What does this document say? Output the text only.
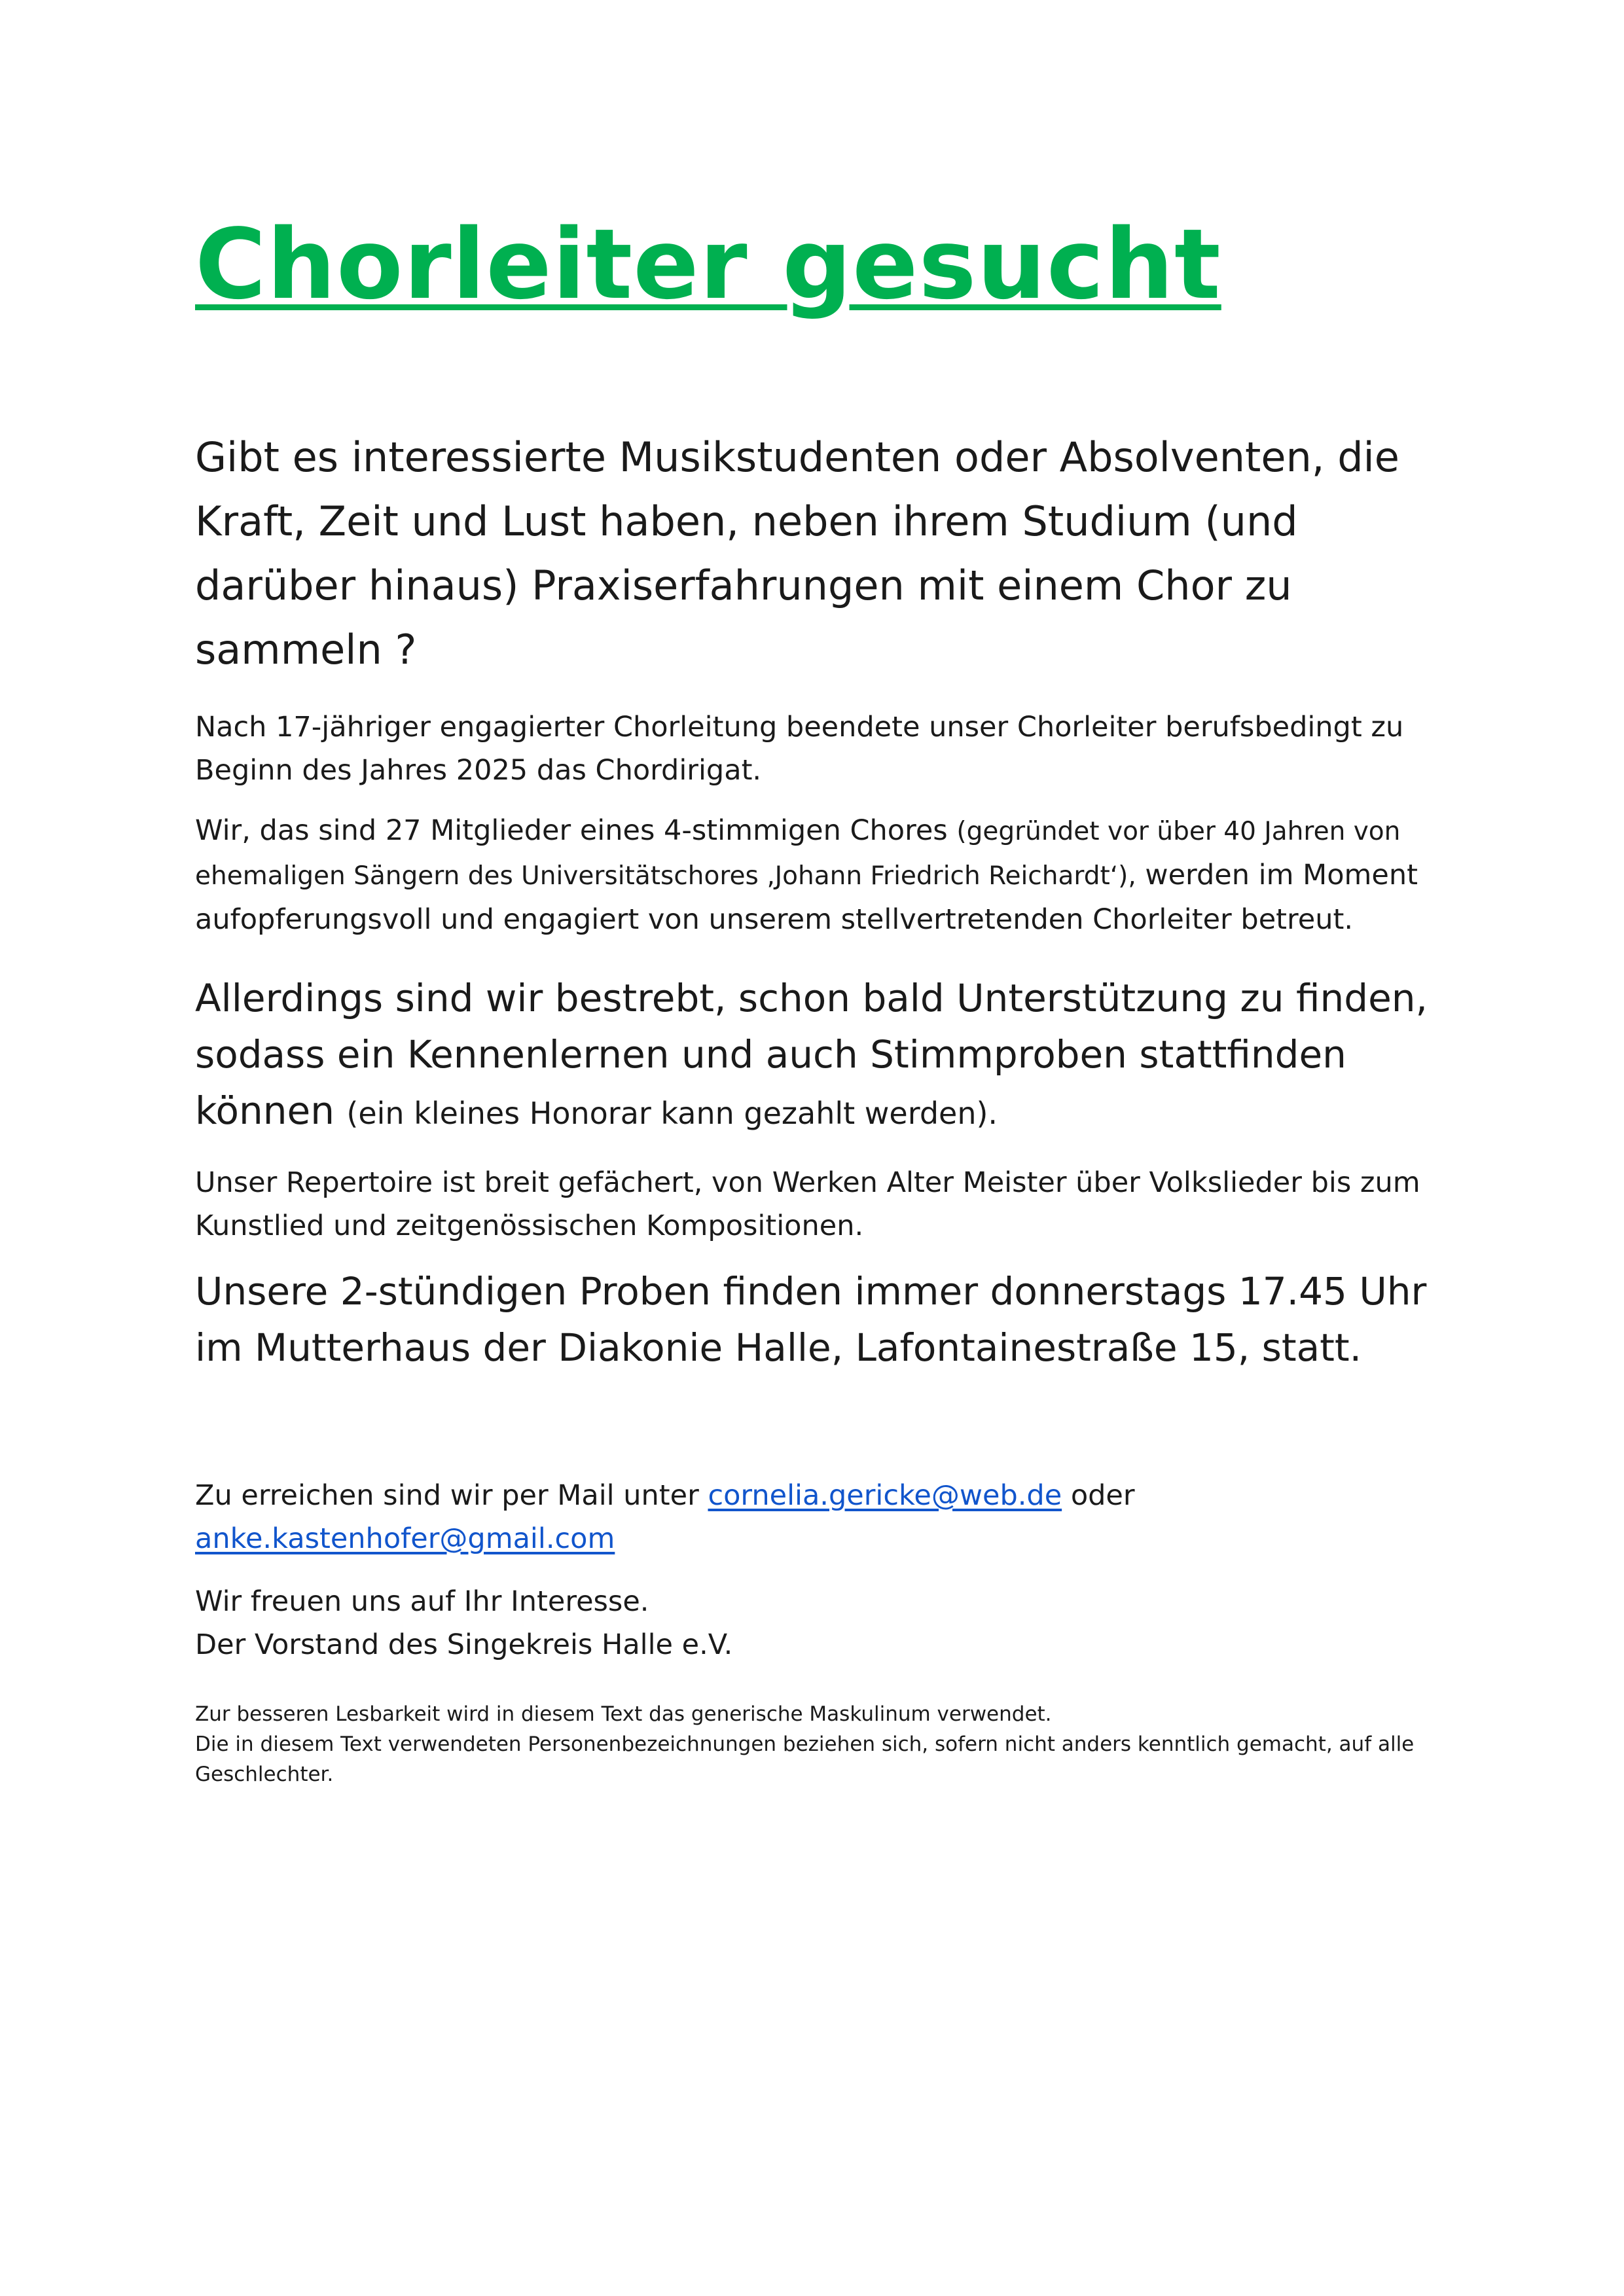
Chorleiter gesucht

Gibt es interessierte Musikstudenten oder Absolventen, die Kraft, Zeit und Lust haben, neben ihrem Studium (und darüber hinaus) Praxiserfahrungen mit einem Chor zu sammeln ?

Nach 17-jähriger engagierter Chorleitung beendete unser Chorleiter berufsbedingt zu Beginn des Jahres 2025 das Chordirigat.

Wir, das sind 27 Mitglieder eines 4-stimmigen Chores (gegründet vor über 40 Jahren von ehemaligen Sängern des Universitätschores ‚Johann Friedrich Reichardt‘), werden im Moment aufopferungsvoll und engagiert von unserem stellvertretenden Chorleiter betreut.

Allerdings sind wir bestrebt, schon bald Unterstützung zu finden, sodass ein Kennenlernen und auch Stimmproben stattfinden können (ein kleines Honorar kann gezahlt werden).

Unser Repertoire ist breit gefächert, von Werken Alter Meister über Volkslieder bis zum Kunstlied und zeitgenössischen Kompositionen.

Unsere 2-stündigen Proben finden immer donnerstags 17.45 Uhr im Mutterhaus der Diakonie Halle, Lafontainestraße 15, statt.

Zu erreichen sind wir per Mail unter cornelia.gericke@web.de oder
anke.kastenhofer@gmail.com

Wir freuen uns auf Ihr Interesse.
Der Vorstand des Singekreis Halle e.V.

Zur besseren Lesbarkeit wird in diesem Text das generische Maskulinum verwendet.
Die in diesem Text verwendeten Personenbezeichnungen beziehen sich, sofern nicht anders kenntlich gemacht, auf alle Geschlechter.
